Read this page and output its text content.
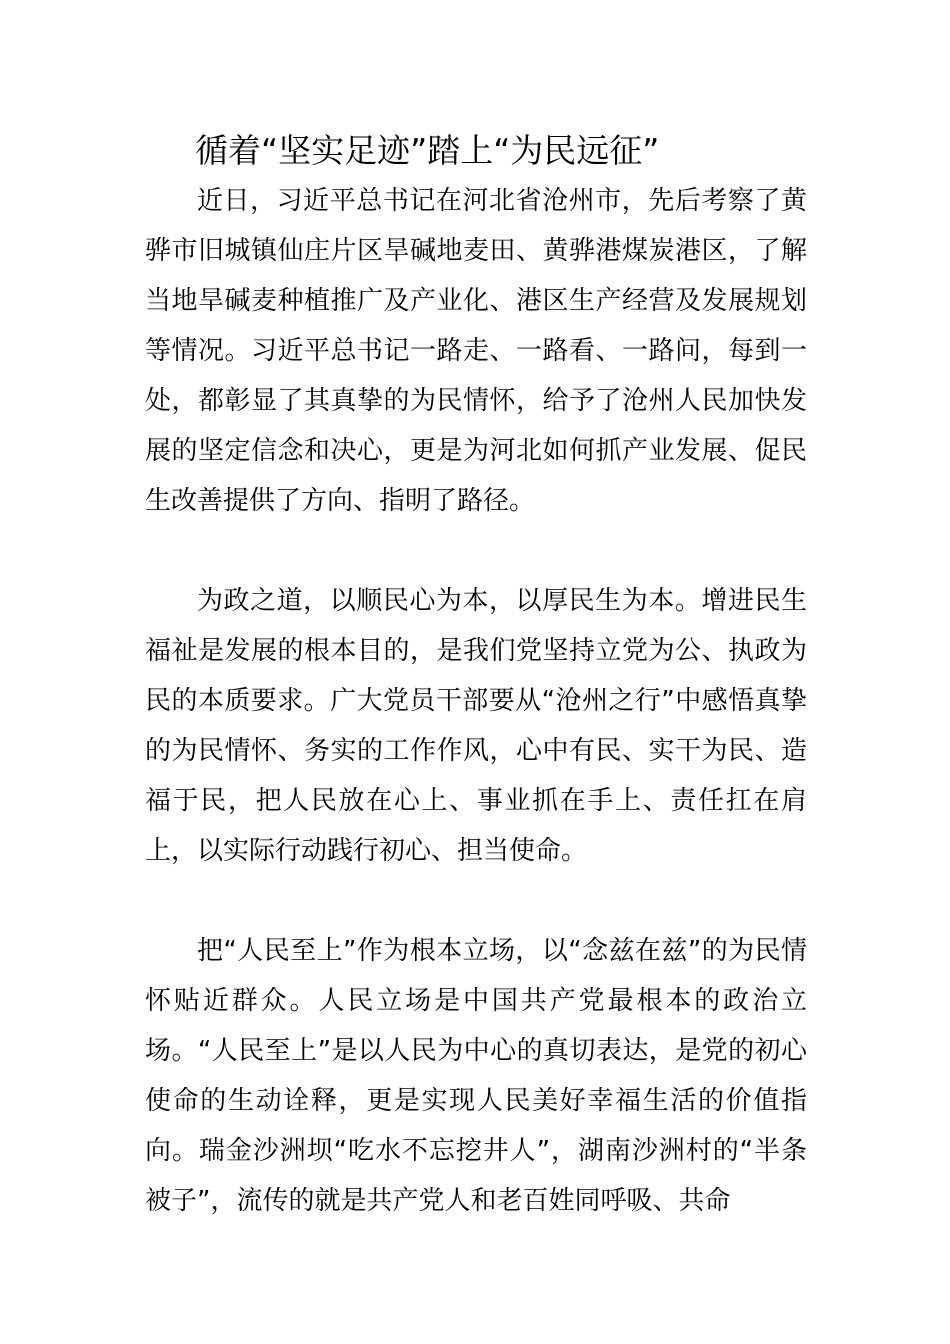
循着“坚实足迹”踏上“为民远征”

近日，习近平总书记在河北省沧州市，先后考察了黄骅市旧城镇仙庄片区旱碱地麦田、黄骅港煤炭港区，了解当地旱碱麦种植推广及产业化、港区生产经营及发展规划等情况。习近平总书记一路走、一路看、一路问，每到一处，都彰显了其真挚的为民情怀，给予了沧州人民加快发展的坚定信念和决心，更是为河北如何抓产业发展、促民生改善提供了方向、指明了路径。

为政之道，以顺民心为本，以厚民生为本。增进民生福祉是发展的根本目的，是我们党坚持立党为公、执政为民的本质要求。广大党员干部要从“沧州之行”中感悟真挚的为民情怀、务实的工作作风，心中有民、实干为民、造福于民，把人民放在心上、事业抓在手上、责任扛在肩上，以实际行动践行初心、担当使命。

把“人民至上”作为根本立场，以“念兹在兹”的为民情怀贴近群众。人民立场是中国共产党最根本的政治立场。“人民至上”是以人民为中心的真切表达，是党的初心使命的生动诠释，更是实现人民美好幸福生活的价值指向。瑞金沙洲坝“吃水不忘挖井人”，湖南沙洲村的“半条被子”，流传的就是共产党人和老百姓同呼吸、共命
